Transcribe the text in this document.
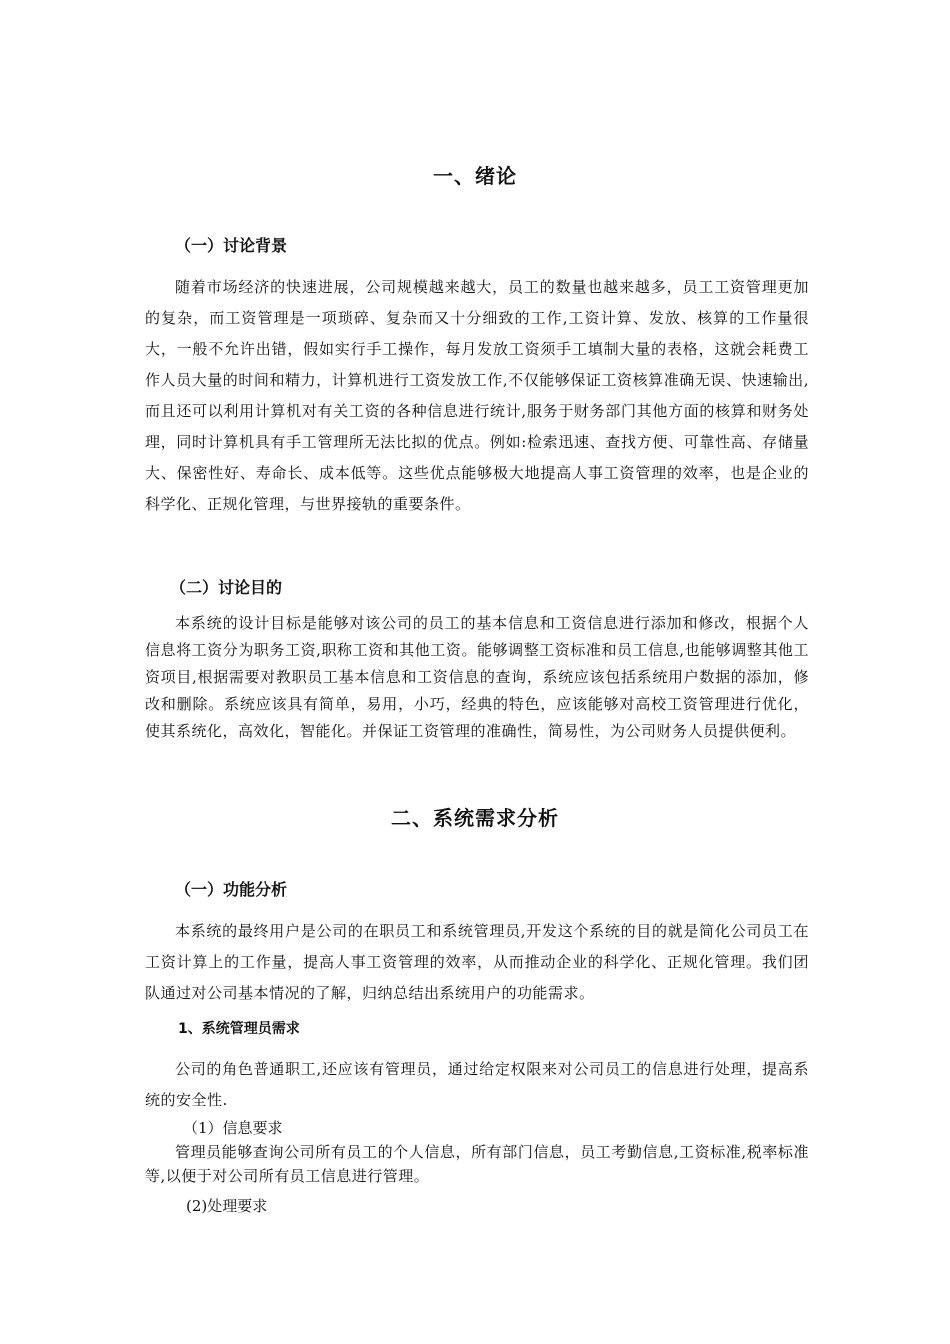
一、绪论
（一）讨论背景

随着市场经济的快速进展，公司规模越来越大，员工的数量也越来越多，员工工资管理更加的复杂，而工资管理是一项琐碎、复杂而又十分细致的工作,工资计算、发放、核算的工作量很大，一般不允许出错，假如实行手工操作，每月发放工资须手工填制大量的表格，这就会耗费工作人员大量的时间和精力，计算机进行工资发放工作,不仅能够保证工资核算准确无误、快速输出,而且还可以利用计算机对有关工资的各种信息进行统计,服务于财务部门其他方面的核算和财务处理，同时计算机具有手工管理所无法比拟的优点。例如:检索迅速、查找方便、可靠性高、存储量大、保密性好、寿命长、成本低等。这些优点能够极大地提高人事工资管理的效率，也是企业的科学化、正规化管理，与世界接轨的重要条件。

（二）讨论目的

本系统的设计目标是能够对该公司的员工的基本信息和工资信息进行添加和修改，根据个人信息将工资分为职务工资,职称工资和其他工资。能够调整工资标准和员工信息,也能够调整其他工资项目,根据需要对教职员工基本信息和工资信息的查询，系统应该包括系统用户数据的添加，修改和删除。系统应该具有简单，易用，小巧，经典的特色，应该能够对高校工资管理进行优化，使其系统化，高效化，智能化。并保证工资管理的准确性，简易性，为公司财务人员提供便利。

二、系统需求分析
（一）功能分析

本系统的最终用户是公司的在职员工和系统管理员,开发这个系统的目的就是简化公司员工在工资计算上的工作量，提高人事工资管理的效率，从而推动企业的科学化、正规化管理。我们团队通过对公司基本情况的了解，归纳总结出系统用户的功能需求。

1、系统管理员需求

公司的角色普通职工,还应该有管理员，通过给定权限来对公司员工的信息进行处理，提高系统的安全性.

（1）信息要求

管理员能够查询公司所有员工的个人信息，所有部门信息，员工考勤信息,工资标准,税率标准等,以便于对公司所有员工信息进行管理。

(2)处理要求
